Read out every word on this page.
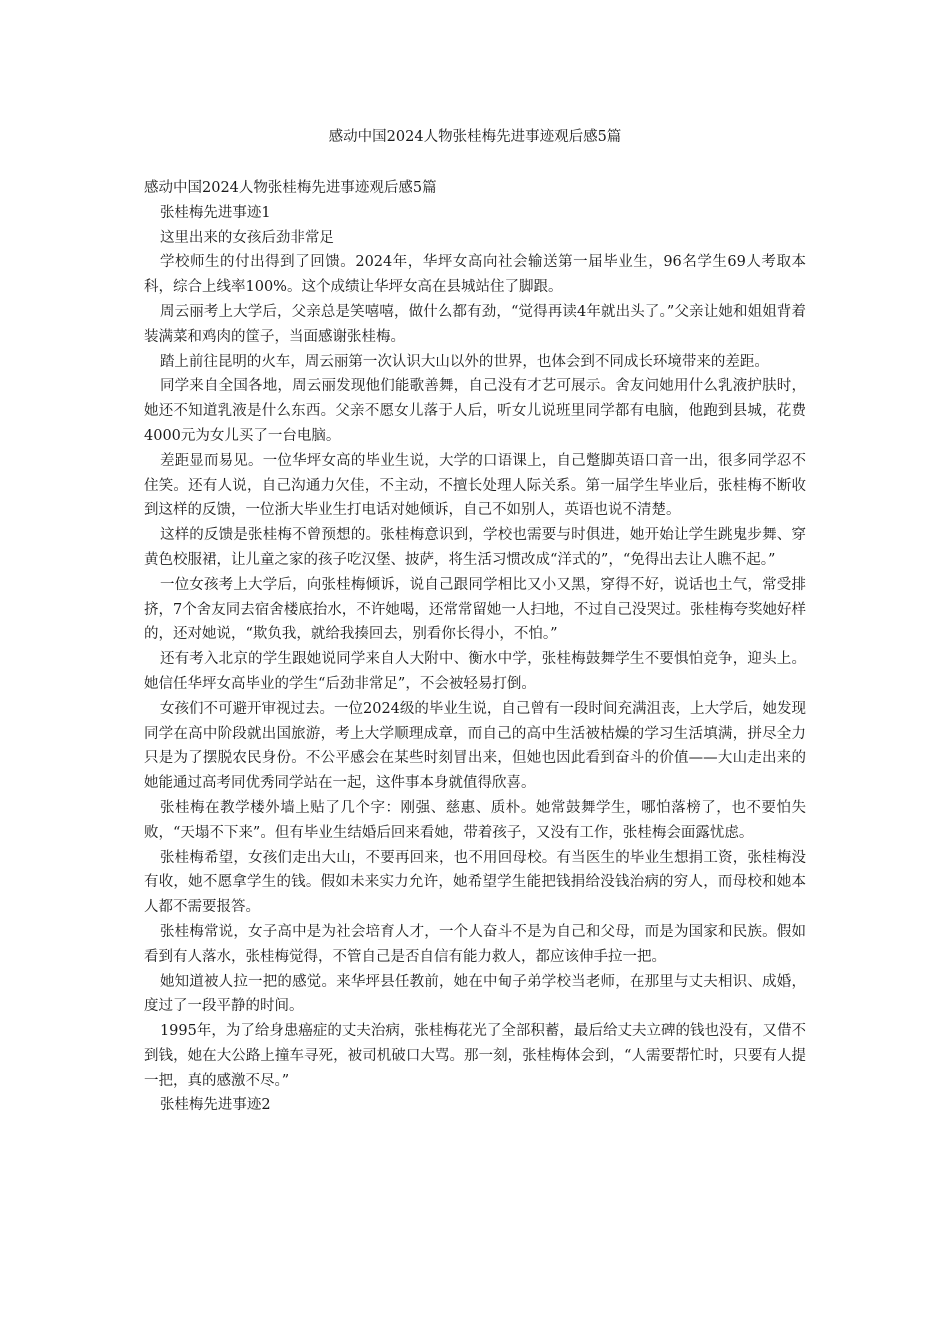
感动中国2024人物张桂梅先进事迹观后感5篇

感动中国2024人物张桂梅先进事迹观后感5篇

张桂梅先进事迹1

这里出来的女孩后劲非常足

学校师生的付出得到了回馈。2024年，华坪女高向社会输送第一届毕业生，96名学生69人考取本科，综合上线率100%。这个成绩让华坪女高在县城站住了脚跟。

周云丽考上大学后，父亲总是笑嘻嘻，做什么都有劲，“觉得再读4年就出头了。”父亲让她和姐姐背着装满菜和鸡肉的筐子，当面感谢张桂梅。

踏上前往昆明的火车，周云丽第一次认识大山以外的世界，也体会到不同成长环境带来的差距。

同学来自全国各地，周云丽发现他们能歌善舞，自己没有才艺可展示。舍友问她用什么乳液护肤时，她还不知道乳液是什么东西。父亲不愿女儿落于人后，听女儿说班里同学都有电脑，他跑到县城，花费4000元为女儿买了一台电脑。

差距显而易见。一位华坪女高的毕业生说，大学的口语课上，自己蹩脚英语口音一出，很多同学忍不住笑。还有人说，自己沟通力欠佳，不主动，不擅长处理人际关系。第一届学生毕业后，张桂梅不断收到这样的反馈，一位浙大毕业生打电话对她倾诉，自己不如别人，英语也说不清楚。

这样的反馈是张桂梅不曾预想的。张桂梅意识到，学校也需要与时俱进，她开始让学生跳鬼步舞、穿黄色校服裙，让儿童之家的孩子吃汉堡、披萨，将生活习惯改成“洋式的”，“免得出去让人瞧不起。”

一位女孩考上大学后，向张桂梅倾诉，说自己跟同学相比又小又黑，穿得不好，说话也土气，常受排挤，7个舍友同去宿舍楼底抬水，不许她喝，还常常留她一人扫地，不过自己没哭过。张桂梅夸奖她好样的，还对她说，“欺负我，就给我揍回去，别看你长得小，不怕。”

还有考入北京的学生跟她说同学来自人大附中、衡水中学，张桂梅鼓舞学生不要惧怕竞争，迎头上。她信任华坪女高毕业的学生“后劲非常足”，不会被轻易打倒。

女孩们不可避开审视过去。一位2024级的毕业生说，自己曾有一段时间充满沮丧，上大学后，她发现同学在高中阶段就出国旅游，考上大学顺理成章，而自己的高中生活被枯燥的学习生活填满，拼尽全力只是为了摆脱农民身份。不公平感会在某些时刻冒出来，但她也因此看到奋斗的价值——大山走出来的她能通过高考同优秀同学站在一起，这件事本身就值得欣喜。

张桂梅在教学楼外墙上贴了几个字：刚强、慈惠、质朴。她常鼓舞学生，哪怕落榜了，也不要怕失败，“天塌不下来”。但有毕业生结婚后回来看她，带着孩子，又没有工作，张桂梅会面露忧虑。

张桂梅希望，女孩们走出大山，不要再回来，也不用回母校。有当医生的毕业生想捐工资，张桂梅没有收，她不愿拿学生的钱。假如未来实力允许，她希望学生能把钱捐给没钱治病的穷人，而母校和她本人都不需要报答。

张桂梅常说，女子高中是为社会培育人才，一个人奋斗不是为自己和父母，而是为国家和民族。假如看到有人落水，张桂梅觉得，不管自己是否自信有能力救人，都应该伸手拉一把。

她知道被人拉一把的感觉。来华坪县任教前，她在中甸子弟学校当老师，在那里与丈夫相识、成婚，度过了一段平静的时间。

1995年，为了给身患癌症的丈夫治病，张桂梅花光了全部积蓄，最后给丈夫立碑的钱也没有，又借不到钱，她在大公路上撞车寻死，被司机破口大骂。那一刻，张桂梅体会到，“人需要帮忙时，只要有人提一把，真的感激不尽。”

张桂梅先进事迹2
